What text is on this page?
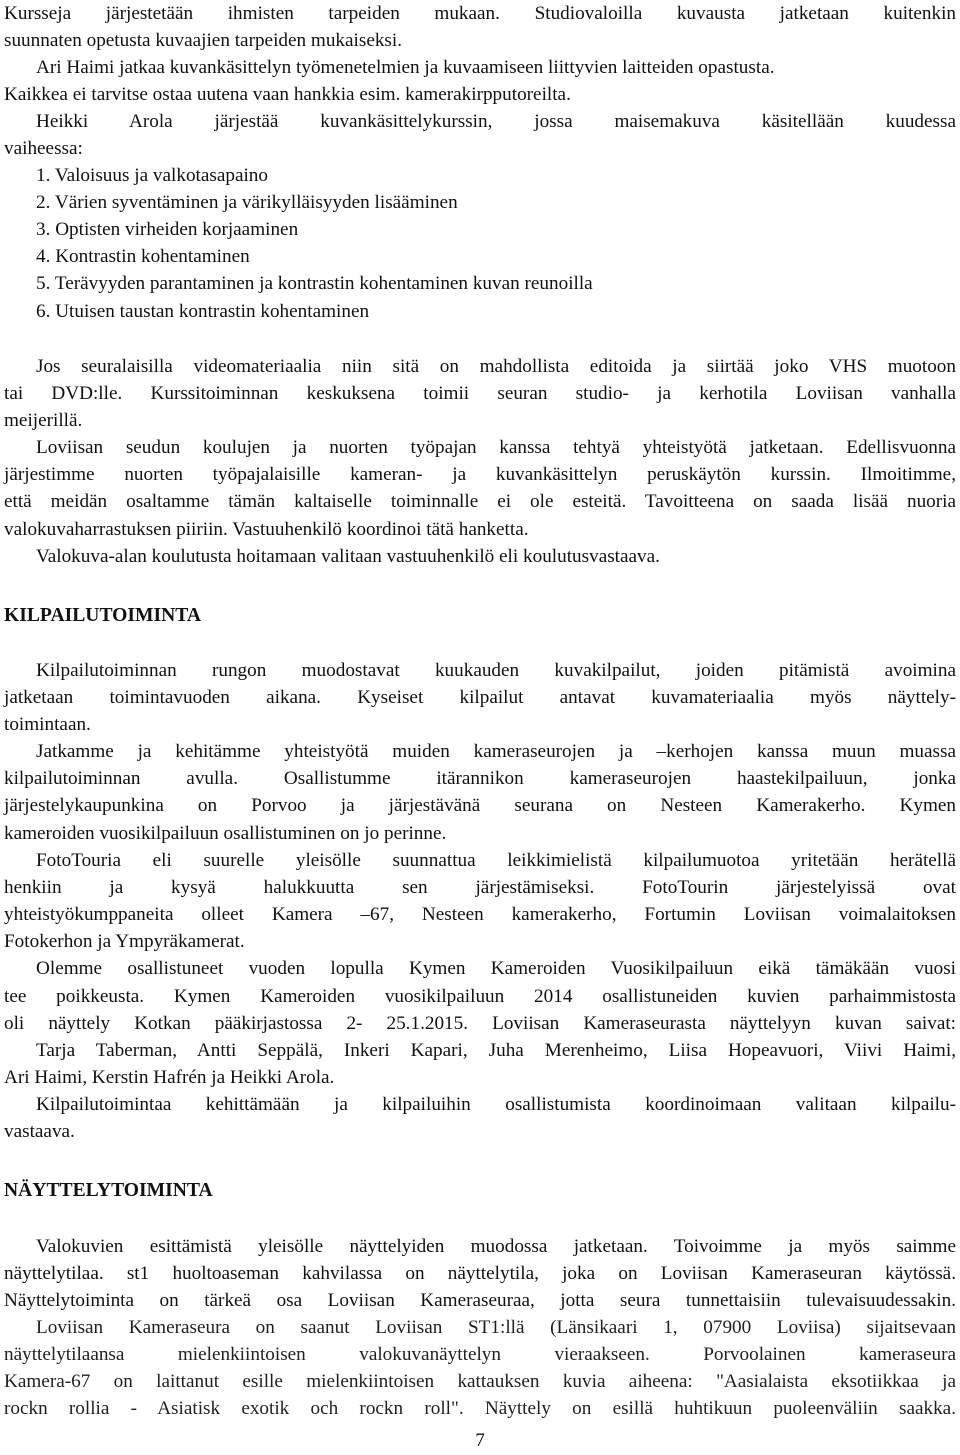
Kursseja järjestetään ihmisten tarpeiden mukaan. Studiovaloilla kuvausta jatketaan kuitenkin

suunnaten opetusta kuvaajien tarpeiden mukaiseksi.

Ari Haimi jatkaa kuvankäsittelyn työmenetelmien ja kuvaamiseen liittyvien laitteiden opastusta.

Kaikkea ei tarvitse ostaa uutena vaan hankkia esim. kamerakirpputoreilta.

Heikki Arola järjestää kuvankäsittelykurssin, jossa maisemakuva käsitellään kuudessa

vaiheessa:

1. Valoisuus ja valkotasapaino

2. Värien syventäminen ja värikylläisyyden lisääminen

3. Optisten virheiden korjaaminen

4. Kontrastin kohentaminen

5. Terävyyden parantaminen ja kontrastin kohentaminen kuvan reunoilla

6. Utuisen taustan kontrastin kohentaminen

Jos seuralaisilla videomateriaalia niin sitä on mahdollista editoida ja siirtää joko VHS muotoon

tai DVD:lle. Kurssitoiminnan keskuksena toimii seuran studio- ja kerhotila Loviisan vanhalla

meijerillä.

Loviisan seudun koulujen ja nuorten työpajan kanssa tehtyä yhteistyötä jatketaan. Edellisvuonna

järjestimme nuorten työpajalaisille kameran- ja kuvankäsittelyn peruskäytön kurssin. Ilmoitimme,

että meidän osaltamme tämän kaltaiselle toiminnalle ei ole esteitä. Tavoitteena on saada lisää nuoria

valokuvaharrastuksen piiriin. Vastuuhenkilö koordinoi tätä hanketta.

Valokuva-alan koulutusta hoitamaan valitaan vastuuhenkilö eli koulutusvastaava.

KILPAILUTOIMINTA

Kilpailutoiminnan rungon muodostavat kuukauden kuvakilpailut, joiden pitämistä avoimina

jatketaan toimintavuoden aikana. Kyseiset kilpailut antavat kuvamateriaalia myös näyttely-

toimintaan.

Jatkamme ja kehitämme yhteistyötä muiden kameraseurojen ja –kerhojen kanssa muun muassa

kilpailutoiminnan avulla. Osallistumme itärannikon kameraseurojen haastekilpailuun, jonka

järjestelykaupunkina on Porvoo ja järjestävänä seurana on Nesteen Kamerakerho. Kymen

kameroiden vuosikilpailuun osallistuminen on jo perinne.

FotoTouria eli suurelle yleisölle suunnattua leikkimielistä kilpailumuotoa yritetään herätellä

henkiin ja kysyä halukkuutta sen järjestämiseksi. FotoTourin järjestelyissä ovat

yhteistyökumppaneita olleet Kamera –67, Nesteen kamerakerho, Fortumin Loviisan voimalaitoksen

Fotokerhon ja Ympyräkamerat.

Olemme osallistuneet vuoden lopulla Kymen Kameroiden Vuosikilpailuun eikä tämäkään vuosi

tee poikkeusta. Kymen Kameroiden vuosikilpailuun 2014 osallistuneiden kuvien parhaimmistosta

oli näyttely Kotkan pääkirjastossa 2- 25.1.2015. Loviisan Kameraseurasta näyttelyyn kuvan saivat:

Tarja Taberman, Antti Seppälä, Inkeri Kapari, Juha Merenheimo, Liisa Hopeavuori, Viivi Haimi,

Ari Haimi, Kerstin Hafrén ja Heikki Arola.

Kilpailutoimintaa kehittämään ja kilpailuihin osallistumista koordinoimaan valitaan kilpailu-

vastaava.

NÄYTTELYTOIMINTA

Valokuvien esittämistä yleisölle näyttelyiden muodossa jatketaan. Toivoimme ja myös saimme

näyttelytilaa. st1 huoltoaseman kahvilassa on näyttelytila, joka on Loviisan Kameraseuran käytössä.

Näyttelytoiminta on tärkeä osa Loviisan Kameraseuraa, jotta seura tunnettaisiin tulevaisuudessakin.

Loviisan Kameraseura on saanut Loviisan ST1:llä (Länsikaari 1, 07900 Loviisa) sijaitsevaan

näyttelytilaansa mielenkiintoisen valokuvanäyttelyn vieraakseen. Porvoolainen kameraseura

Kamera-67 on laittanut esille mielenkiintoisen kattauksen kuvia aiheena: "Aasialaista eksotiikkaa ja

rockn rollia - Asiatisk exotik och rockn roll". Näyttely on esillä huhtikuun puoleenväliin saakka.

7
